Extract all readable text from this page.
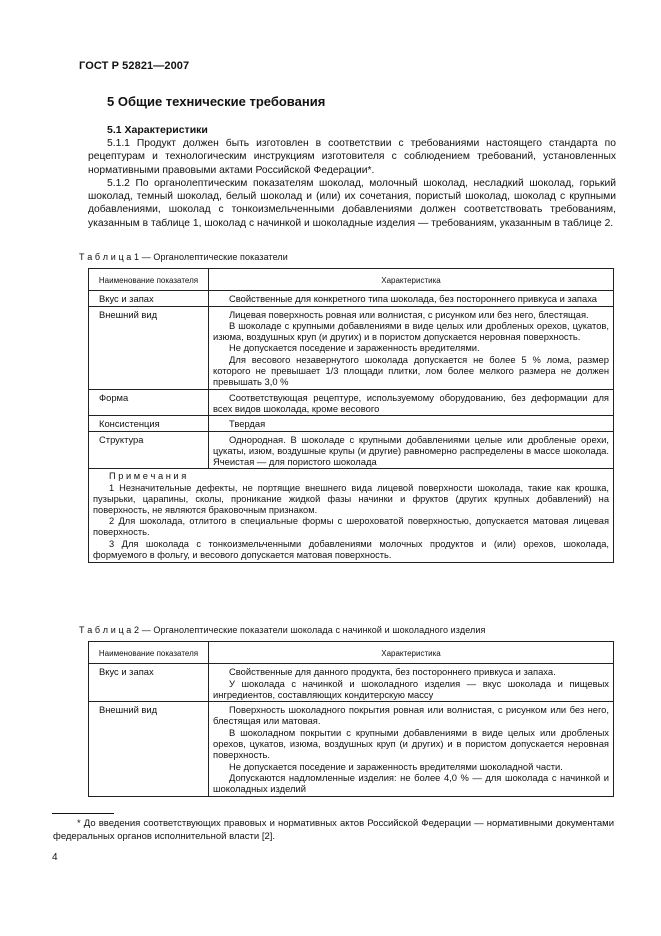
ГОСТ Р 52821—2007
5 Общие технические требования
5.1 Характеристики

5.1.1 Продукт должен быть изготовлен в соответствии с требованиями настоящего стандарта по рецептурам и технологическим инструкциям изготовителя с соблюдением требований, установленных нормативными правовыми актами Российской Федерации*.

5.1.2 По органолептическим показателям шоколад, молочный шоколад, несладкий шоколад, горький шоколад, темный шоколад, белый шоколад и (или) их сочетания, пористый шоколад, шоколад с крупными добавлениями, шоколад с тонкоизмельченными добавлениями должен соответствовать требованиям, указанным в таблице 1, шоколад с начинкой и шоколадные изделия — требованиям, указанным в таблице 2.

Т а б л и ц а 1 — Органолептические показатели
Наименование показателя	Характеристика
Вкус и запах	Свойственные для конкретного типа шоколада, без постороннего привкуса и запаха

Внешний вид	Лицевая поверхность ровная или волнистая, с рисунком или без него, блестящая.
В шоколаде с крупными добавлениями в виде целых или дробленых орехов, цукатов, изюма, воздушных круп (и других) и в пористом допускается неровная поверхность.
Не допускается поседение и зараженность вредителями.
Для весового незавернутого шоколада допускается не более 5 % лома, размер которого не превышает 1/3 площади плитки, лом более мелкого размера не должен превышать 3,0 %

Форма	Соответствующая рецептуре, используемому оборудованию, без деформации для всех видов шоколада, кроме весового

Консистенция	Твердая

Структура	Однородная. В шоколаде с крупными добавлениями целые или дробленые орехи, цукаты, изюм, воздушные крупы (и другие) равномерно распределены в массе шоколада. Ячеистая — для пористого шоколада

П р и м е ч а н и я
1 Незначительные дефекты, не портящие внешнего вида лицевой поверхности шоколада, такие как крошка, пузырьки, царапины, сколы, проникание жидкой фазы начинки и фруктов (других крупных добавлений) на поверхность, не являются браковочным признаком.
2 Для шоколада, отлитого в специальные формы с шероховатой поверхностью, допускается матовая лицевая поверхность.
3 Для шоколада с тонкоизмельченными добавлениями молочных продуктов и (или) орехов, шоколада, формуемого в фольгу, и весового допускается матовая поверхность.	
Т а б л и ц а 2 — Органолептические показатели шоколада с начинкой и шоколадного изделия
Наименование показателя	Характеристика
Вкус и запах	Свойственные для данного продукта, без постороннего привкуса и запаха.
У шоколада с начинкой и шоколадного изделия — вкус шоколада и пищевых ингредиентов, составляющих кондитерскую массу

Внешний вид	Поверхность шоколадного покрытия ровная или волнистая, с рисунком или без него, блестящая или матовая.
В шоколадном покрытии с крупными добавлениями в виде целых или дробленых орехов, цукатов, изюма, воздушных круп (и других) и в пористом допускается неровная поверхность.
Не допускается поседение и зараженность вредителями шоколадной части.
Допускаются надломленные изделия: не более 4,0 % — для шоколада с начинкой и шоколадных изделий
* До введения соответствующих правовых и нормативных актов Российской Федерации — нормативными документами федеральных органов исполнительной власти [2].
4
